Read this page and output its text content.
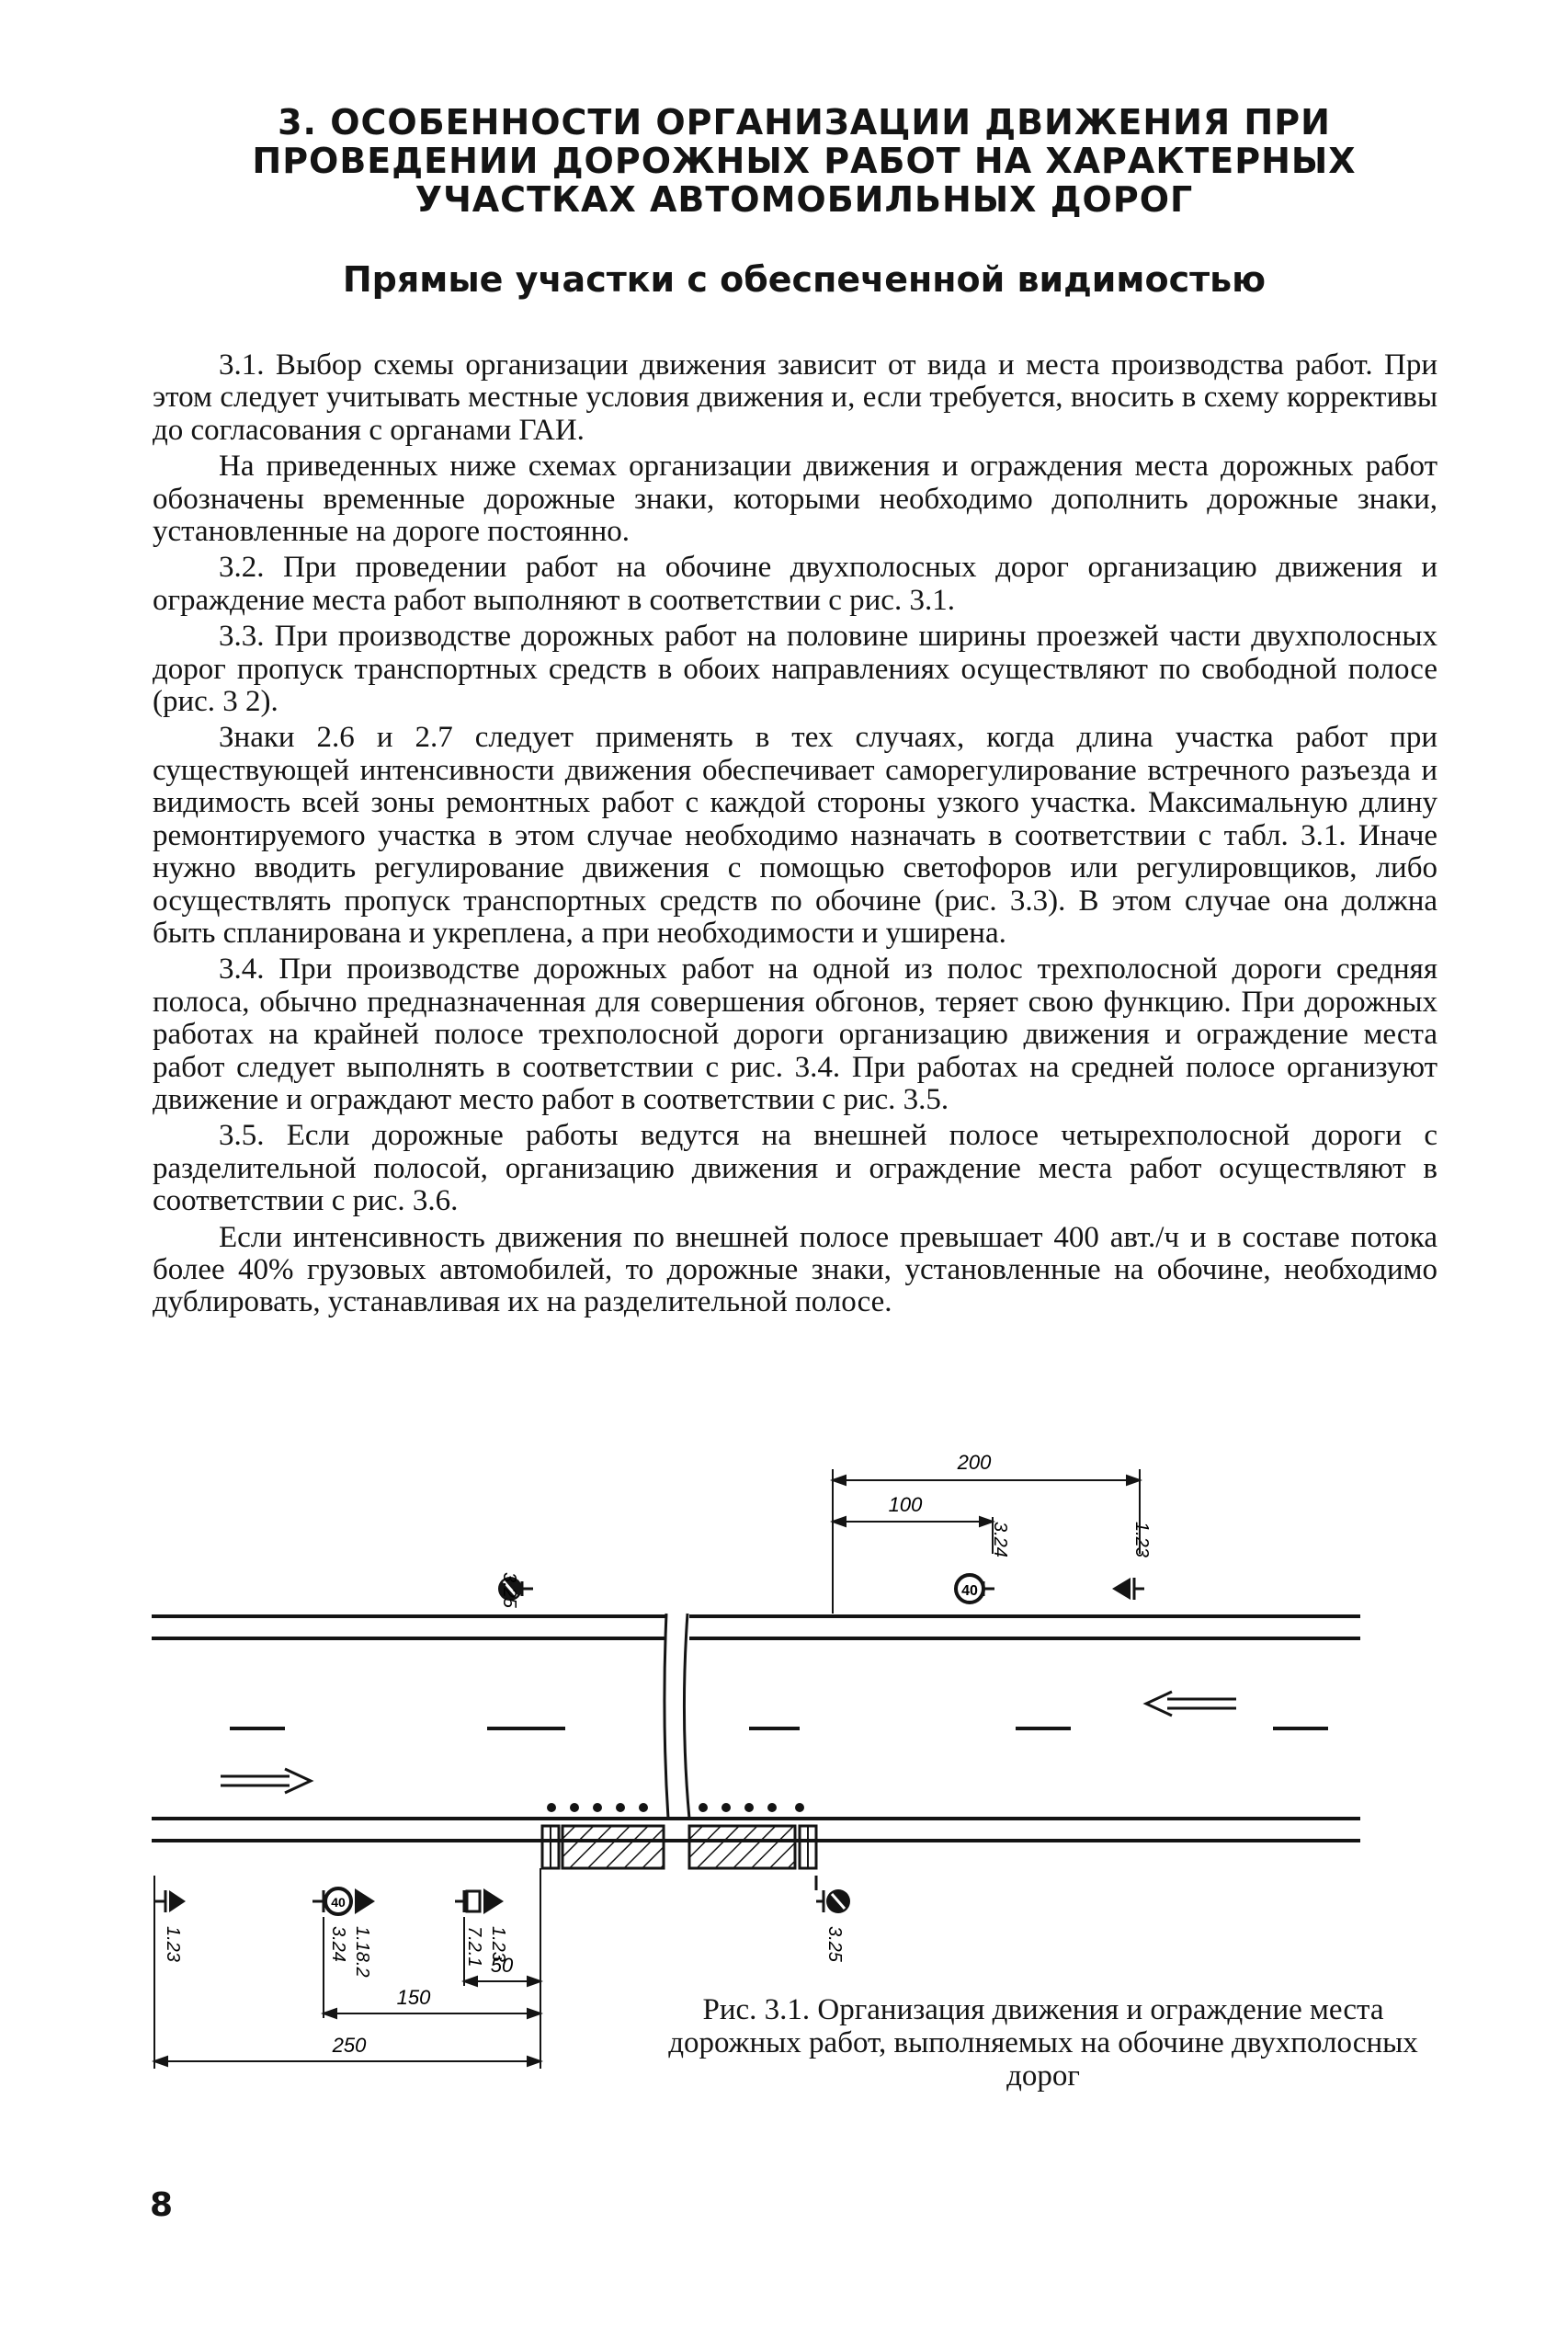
3. ОСОБЕННОСТИ ОРГАНИЗАЦИИ ДВИЖЕНИЯ ПРИ ПРОВЕДЕНИИ ДОРОЖНЫХ РАБОТ НА ХАРАКТЕРНЫХ УЧАСТКАХ АВТОМОБИЛЬНЫХ ДОРОГ
Прямые участки с обеспеченной видимостью

3.1. Выбор схемы организации движения зависит от вида и места производства работ. При этом следует учитывать местные условия движения и, если требуется, вносить в схему коррективы до согласования с органами ГАИ.

На приведенных ниже схемах организации движения и ограждения места дорожных работ обозначены временные дорожные знаки, которыми необходимо дополнить дорожные знаки, установленные на дороге постоянно.

3.2. При проведении работ на обочине двухполосных дорог организацию движения и ограждение места работ выполняют в соответствии с рис. 3.1.

3.3. При производстве дорожных работ на половине ширины проезжей части двухполосных дорог пропуск транспортных средств в обоих направлениях осуществляют по свободной полосе (рис. 3 2).

Знаки 2.6 и 2.7 следует применять в тех случаях, когда длина участка работ при существующей интенсивности движения обеспечивает саморегулирование встречного разъезда и видимость всей зоны ремонтных работ с каждой стороны узкого участка. Максимальную длину ремонтируемого участка в этом случае необходимо назначать в соответствии с табл. 3.1. Иначе нужно вводить регулирование движения с помощью светофоров или регулировщиков, либо осуществлять пропуск транспортных средств по обочине (рис. 3.3). В этом случае она должна быть спланирована и укреплена, а при необходимости и уширена.

3.4. При производстве дорожных работ на одной из полос трехполосной дороги средняя полоса, обычно предназначенная для совершения обгонов, теряет свою функцию. При дорожных работах на крайней полосе трехполосной дороги организацию движения и ограждение места работ следует выполнять в соответствии с рис. 3.4. При работах на средней полосе организуют движение и ограждают место работ в соответствии с рис. 3.5.

3.5. Если дорожные работы ведутся на внешней полосе четырехполосной дороги с разделительной полосой, организацию движения и ограждение места работ осуществляют в соответствии с рис. 3.6.

Если интенсивность движения по внешней полосе превышает 400 авт./ч и в составе потока более 40% грузовых автомобилей, то дорожные знаки, установленные на обочине, необходимо дублировать, устанавливая их на разделительной полосе.

3.25	40
3.24	1.23
1.23
40
3.24 1.18.2	7.2.1 1.23	3.25
200
100
50
150
250
Рис. 3.1. Организация движения и ограждение места дорожных работ, выполняемых на обочине двухполосных дорог
8
